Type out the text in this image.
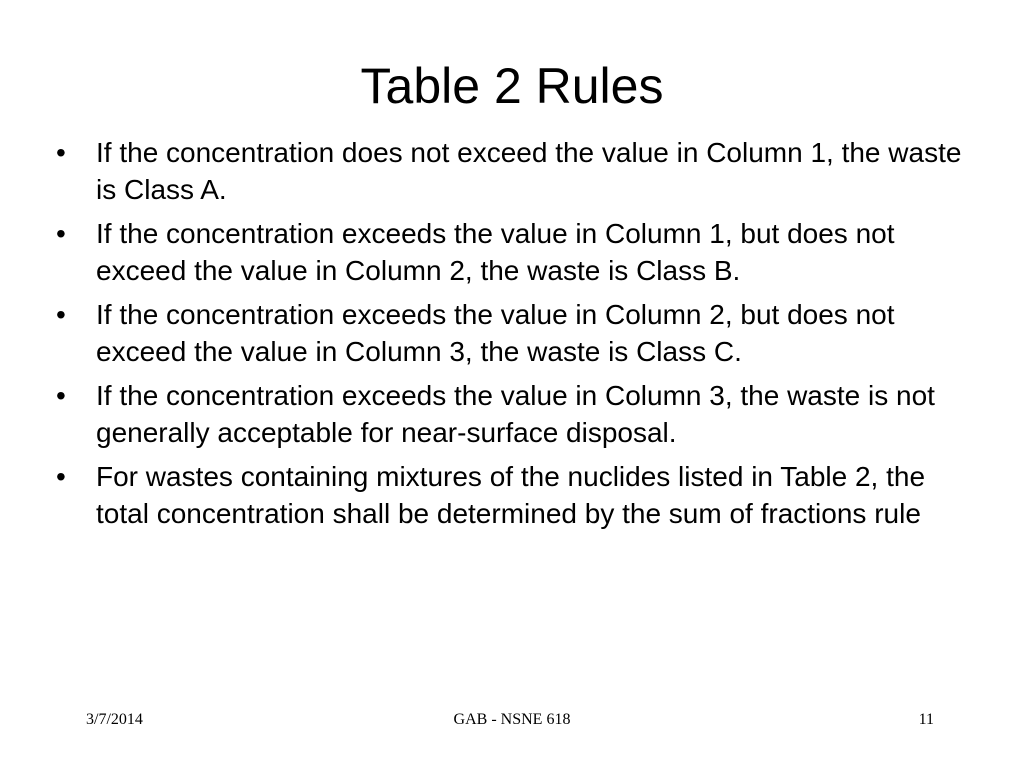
Table 2 Rules
•	If the concentration does not exceed the value in Column 1, the waste is Class A.
•	If the concentration exceeds the value in Column 1, but does not exceed the value in Column 2, the waste is Class B.
•	If the concentration exceeds the value in Column 2, but does not exceed the value in Column 3, the waste is Class C.
•	If the concentration exceeds the value in Column 3, the waste is not generally acceptable for near-surface disposal.
•	For wastes containing mixtures of the nuclides listed in Table 2, the total concentration shall be determined by the sum of fractions rule
3/7/2014	GAB - NSNE 618	11
